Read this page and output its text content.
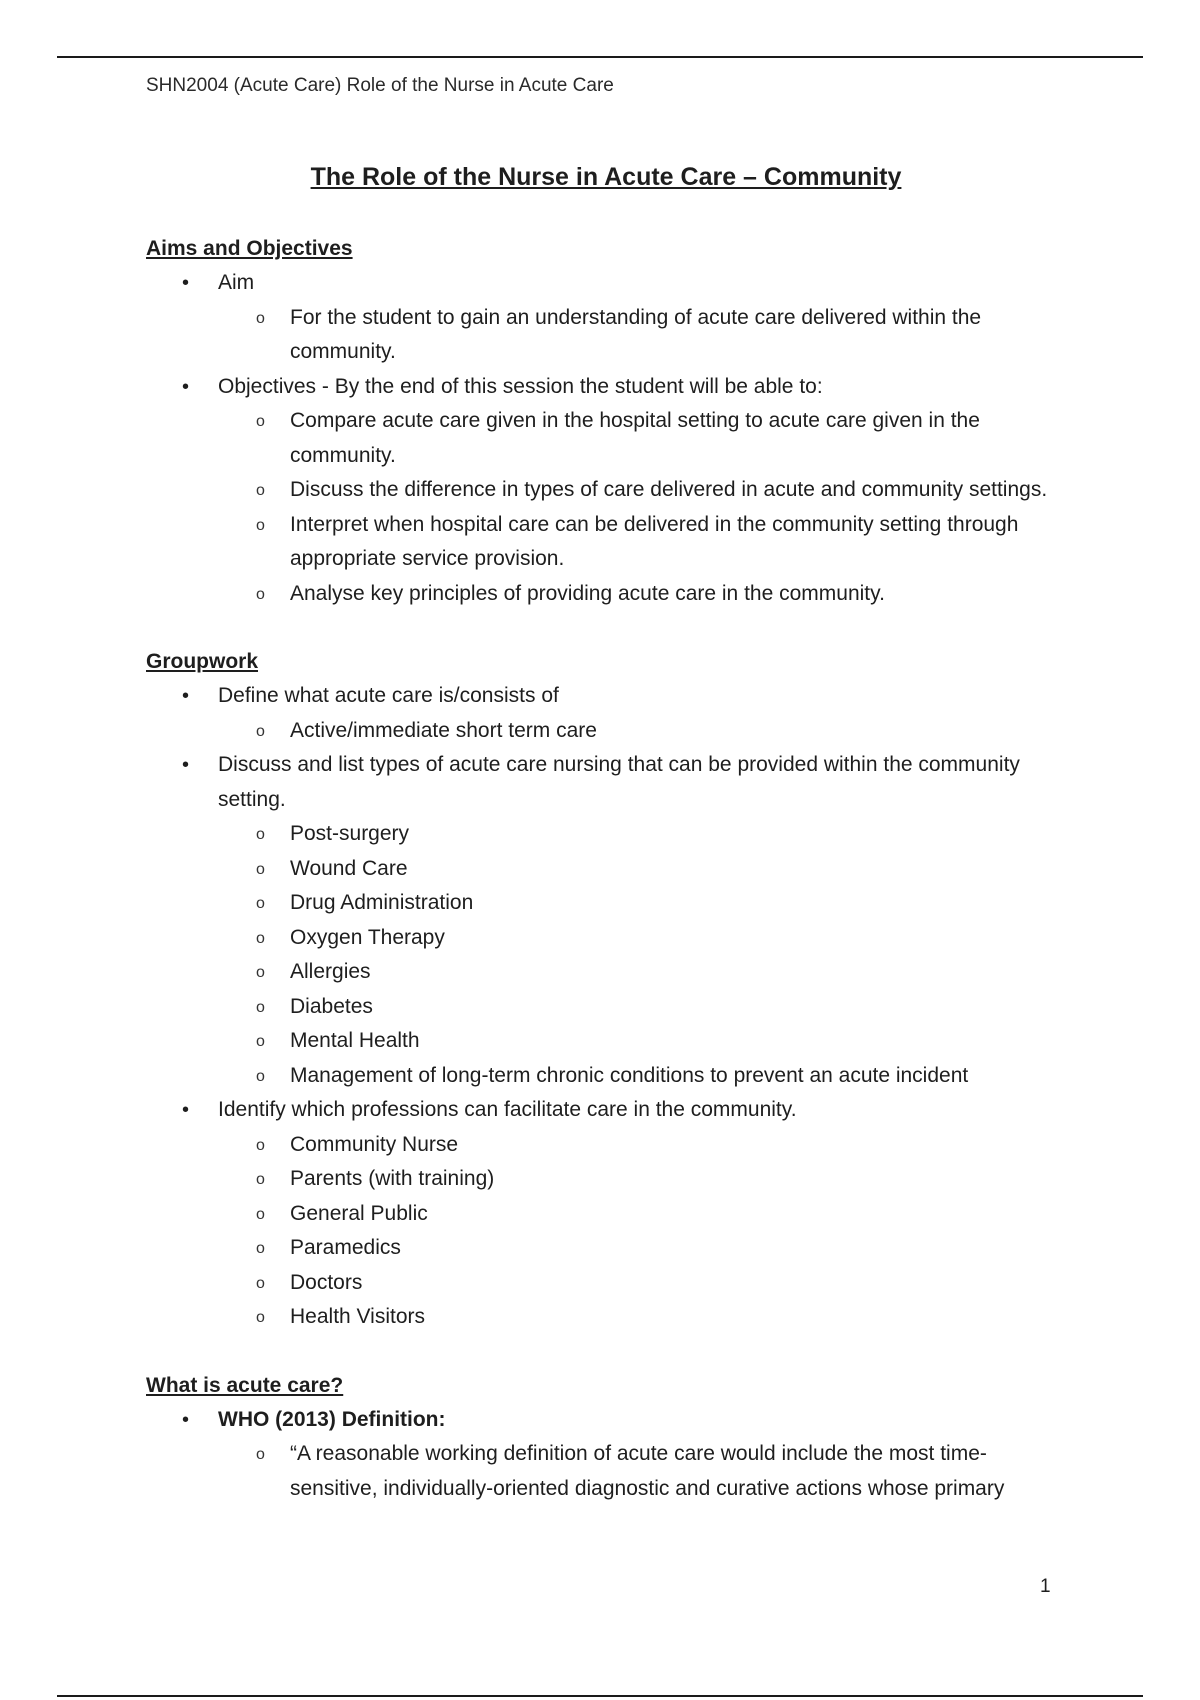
SHN2004 (Acute Care) Role of the Nurse in Acute Care

The Role of the Nurse in Acute Care – Community
Aims and Objectives
• Aim
o For the student to gain an understanding of acute care delivered within the community.
• Objectives - By the end of this session the student will be able to:
o Compare acute care given in the hospital setting to acute care given in the community.
o Discuss the difference in types of care delivered in acute and community settings.
o Interpret when hospital care can be delivered in the community setting through appropriate service provision.
o Analyse key principles of providing acute care in the community.
Groupwork
• Define what acute care is/consists of
o Active/immediate short term care
• Discuss and list types of acute care nursing that can be provided within the community setting.
o Post-surgery
o Wound Care
o Drug Administration
o Oxygen Therapy
o Allergies
o Diabetes
o Mental Health
o Management of long-term chronic conditions to prevent an acute incident
• Identify which professions can facilitate care in the community.
o Community Nurse
o Parents (with training)
o General Public
o Paramedics
o Doctors
o Health Visitors
What is acute care?
• WHO (2013) Definition:
o “A reasonable working definition of acute care would include the most time-sensitive, individually-oriented diagnostic and curative actions whose primary
1
